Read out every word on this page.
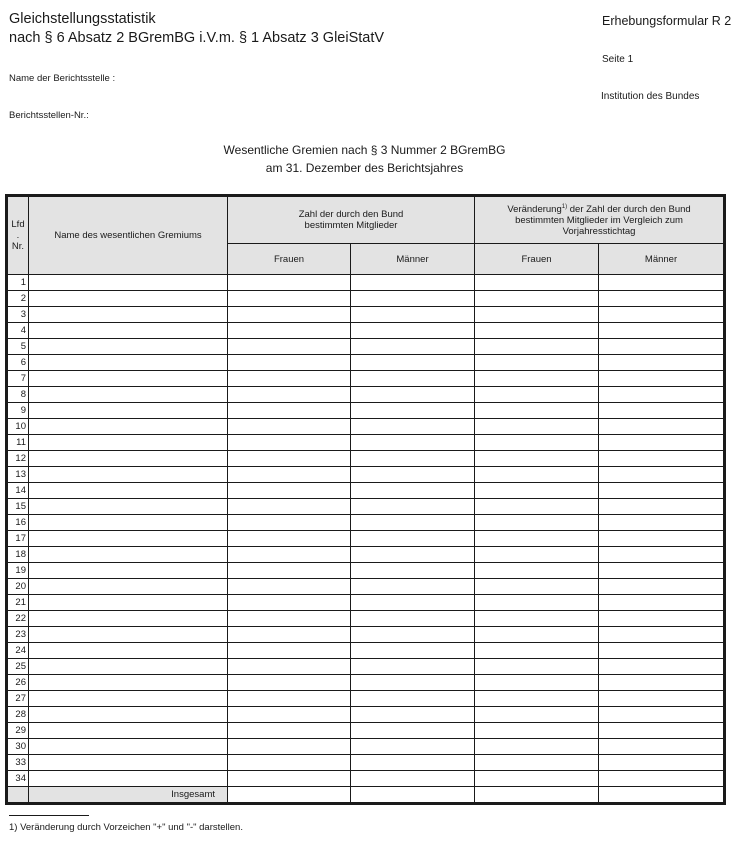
Gleichstellungsstatistik
nach § 6 Absatz 2 BGremBG i.V.m. § 1 Absatz 3 GleiStatV
Erhebungsformular R 2
Seite 1
Institution des Bundes
Name der Berichtsstelle :
Berichtsstellen-Nr.:
Wesentliche Gremien nach § 3 Nummer 2 BGremBG
am 31. Dezember des Berichtsjahres
Lfd
.
Nr.	Name des wesentlichen Gremiums	Zahl der durch den Bund
bestimmten Mitglieder		Veränderung$^{1)}$ der Zahl der durch den Bund
bestimmten Mitglieder im Vergleich zum
Vorjahresstichtag	
		Frauen	Männer	Frauen	Männer
1					
2					
3					
4					
5					
6					
7					
8					
9					
10					
11					
12					
13					
14					
15					
16					
17					
18					
19					
20					
21					
22					
23					
24					
25					
26					
27					
28					
29					
30					
33					
34					
	Insgesamt				
1) Veränderung durch Vorzeichen "+" und "-" darstellen.
